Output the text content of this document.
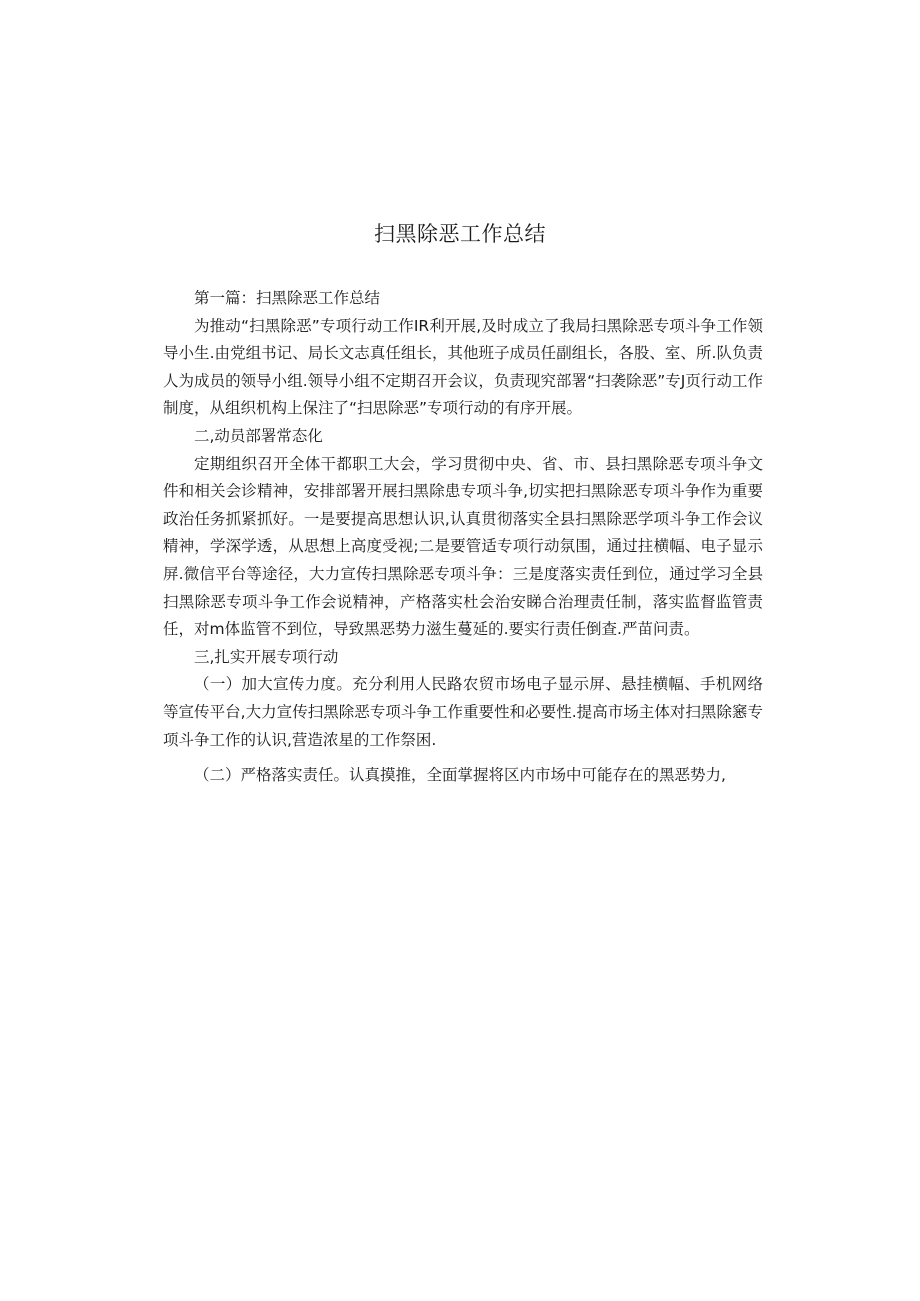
扫黑除恶工作总结

第一篇：扫黑除恶工作总结

为推动“扫黑除恶”专项行动工作IR利开展,及时成立了我局扫黑除恶专项斗争工作领导小生.由党组书记、局长文志真任组长，其他班子成员任副组长，各股、室、所.队负责人为成员的领导小组.领导小组不定期召开会议，负责现究部署“扫袭除恶”专J页行动工作制度，从组织机构上保注了“扫思除恶”专项行动的有序开展。

二,动员部署常态化

定期组织召开全体干都职工大会，学习贯彻中央、省、市、县扫黑除恶专项斗争文件和相关会诊精神，安排部署开展扫黑除患专项斗争,切实把扫黑除恶专项斗争作为重要政治任务抓紧抓好。一是要提高思想认识,认真贯彻落实全县扫黑除恶学项斗争工作会议精神，学深学透，从思想上高度受视;二是要管适专项行动氛围，通过拄横幅、电子显示屏.微信平台等途径，大力宣传扫黑除恶专项斗争：三是度落实责任到位，通过学习全县扫黑除恶专项斗争工作会说精神，产格落实杜会治安睇合治理责任制，落实监督监管责任，对m体监管不到位，导致黑恶势力滋生蔓延的.要实行责任倒查.严苗问责。

三,扎实开展专项行动

（一）加大宣传力度。充分利用人民路农贸市场电子显示屏、悬挂横幅、手机网络等宣传平台,大力宣传扫黑除恶专项斗争工作重要性和必要性.提高市场主体对扫黑除窸专项斗争工作的认识,营造浓星的工作祭困.

（二）严格落实责任。认真摸推，全面掌握将区内市场中可能存在的黑恶势力,
